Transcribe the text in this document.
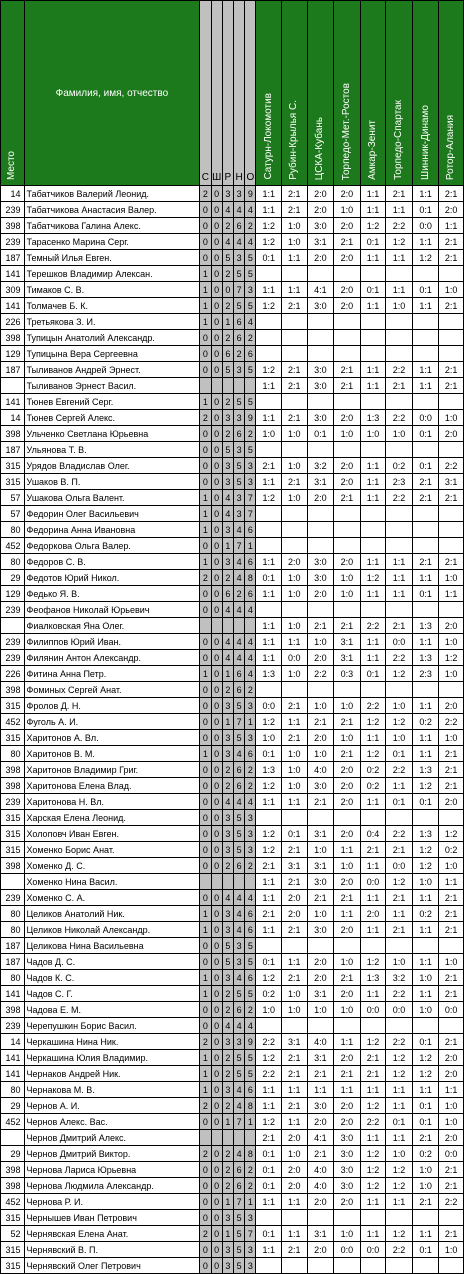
Место	Фамилия, имя, отчество	С	Ш	Р	Н	О	Сатурн-Локомотив	Рубин-Крылья С.	ЦСКА-Кубань	Торпедо-Мет.-Ростов	Амкар-Зенит	Торпедо-Спартак	Шинник-Динамо	Ротор-Алания
14	Табатчиков Валерий Леонид.	2	0	3	3	9	1:1	2:1	2:0	2:0	1:1	2:1	1:1	2:1
239	Табатчикова Анастасия Валер.	0	0	4	4	4	1:1	2:1	2:0	1:0	1:1	1:1	0:1	2:0
398	Табатчикова Галина Алекс.	0	0	2	6	2	1:2	1:0	3:0	2:0	1:2	2:2	0:0	1:1
239	Тарасенко Марина Серг.	0	0	4	4	4	1:2	1:0	3:1	2:1	0:1	1:2	1:1	2:1
187	Темный Илья Евген.	0	0	5	3	5	0:1	1:1	2:0	2:0	1:1	1:1	1:2	2:1
141	Терешков Владимир Алексан.	1	0	2	5	5								
309	Тимаков С. В.	1	0	0	7	3	1:1	1:1	4:1	2:0	0:1	1:1	0:1	1:0
141	Толмачев Б. К.	1	0	2	5	5	1:2	2:1	3:0	2:0	1:1	1:0	1:1	2:1
226	Третьякова З. И.	1	0	1	6	4								
398	Тупицын Анатолий Александр.	0	0	2	6	2								
129	Тупицына Вера Сергеевна	0	0	6	2	6								
187	Тыливанов Андрей Эрнест.	0	0	5	3	5	1:2	2:1	3:0	2:1	1:1	2:2	1:1	2:1
	Тыливанов Эрнест Васил.						1:1	2:1	3:0	2:1	1:1	2:1	1:1	2:1
141	Тюнев Евгений Серг.	1	0	2	5	5								
14	Тюнев Сергей Алекс.	2	0	3	3	9	1:1	2:1	3:0	2:0	1:3	2:2	0:0	1:0
398	Ульченко Светлана Юрьевна	0	0	2	6	2	1:0	1:0	0:1	1:0	1:0	1:0	0:1	2:0
187	Ульянова Т. В.	0	0	5	3	5								
315	Урядов Владислав Олег.	0	0	3	5	3	2:1	1:0	3:2	2:0	1:1	0:2	0:1	2:2
315	Ушаков В. П.	0	0	3	5	3	1:1	2:1	3:1	2:0	1:1	2:3	2:1	3:1
57	Ушакова Ольга Валент.	1	0	4	3	7	1:2	1:0	2:0	2:1	1:1	2:2	2:1	2:1
57	Федорин Олег Васильевич	1	0	4	3	7								
80	Федорина Анна Ивановна	1	0	3	4	6								
452	Федоркова Ольга Валер.	0	0	1	7	1								
80	Федоров С. В.	1	0	3	4	6	1:1	2:0	3:0	2:0	1:1	1:1	2:1	2:1
29	Федотов Юрий Никол.	2	0	2	4	8	0:1	1:0	3:0	1:0	1:2	1:1	1:1	1:0
129	Федько Я. В.	0	0	6	2	6	1:1	1:0	2:0	1:0	1:1	1:1	0:1	1:1
239	Феофанов Николай Юрьевич	0	0	4	4	4								
	Фиалковская Яна Олег.						1:1	1:0	2:1	2:1	2:2	2:1	1:3	2:0
239	Филиппов Юрий Иван.	0	0	4	4	4	1:1	1:1	1:0	3:1	1:1	0:0	1:1	1:0
239	Филянин Антон Александр.	0	0	4	4	4	1:1	0:0	2:0	3:1	1:1	2:2	1:3	1:2
226	Фитина Анна Петр.	1	0	1	6	4	1:3	1:0	2:2	0:3	0:1	1:2	2:3	1:0
398	Фоминых Сергей Анат.	0	0	2	6	2								
315	Фролов Д. Н.	0	0	3	5	3	0:0	2:1	1:0	1:0	2:2	1:0	1:1	2:0
452	Фуголь А. И.	0	0	1	7	1	1:2	1:1	2:1	2:1	1:2	1:2	0:2	2:2
315	Харитонов А. Вл.	0	0	3	5	3	1:0	2:1	2:0	1:0	1:1	1:0	1:1	1:0
80	Харитонов В. М.	1	0	3	4	6	0:1	1:0	1:0	2:1	1:2	0:1	1:1	2:1
398	Харитонов Владимир Григ.	0	0	2	6	2	1:3	1:0	4:0	2:0	0:2	2:2	1:3	2:1
398	Харитонова Елена Влад.	0	0	2	6	2	1:2	1:0	3:0	2:0	0:2	1:1	1:2	2:1
239	Харитонова Н. Вл.	0	0	4	4	4	1:1	1:1	2:1	2:0	1:1	0:1	0:1	2:0
315	Харская Елена Леонид.	0	0	3	5	3								
315	Холоповч Иван Евген.	0	0	3	5	3	1:2	0:1	3:1	2:0	0:4	2:2	1:3	1:2
315	Хоменко Борис Анат.	0	0	3	5	3	1:2	2:1	1:0	1:1	2:1	2:1	1:2	0:2
398	Хоменко Д. С.	0	0	2	6	2	2:1	3:1	3:1	1:0	1:1	0:0	1:2	1:0
	Хоменко Нина Васил.						1:1	2:1	3:0	2:0	0:0	1:2	1:0	1:1
239	Хоменко С. А.	0	0	4	4	4	1:1	2:0	2:1	2:1	1:1	2:1	1:1	2:1
80	Целиков Анатолий Ник.	1	0	3	4	6	2:1	2:0	1:0	1:1	2:0	1:1	0:2	2:1
80	Целиков Николай Александр.	1	0	3	4	6	1:1	2:1	3:0	2:0	1:1	2:1	1:1	2:1
187	Целикова Нина Васильевна	0	0	5	3	5								
187	Чадов Д. С.	0	0	5	3	5	0:1	1:1	2:0	1:0	1:2	1:0	1:1	1:0
80	Чадов К. С.	1	0	3	4	6	1:2	2:1	2:0	2:1	1:3	3:2	1:0	2:1
141	Чадов С. Г.	1	0	2	5	5	0:2	1:0	3:1	2:0	1:1	2:2	1:1	2:1
398	Чадова Е. М.	0	0	2	6	2	1:0	1:0	1:0	1:0	0:0	0:0	1:0	0:0
239	Черепушкин Борис Васил.	0	0	4	4	4								
14	Черкашина Нина Ник.	2	0	3	3	9	2:2	3:1	4:0	1:1	1:2	2:2	0:1	2:1
141	Черкашина Юлия Владимир.	1	0	2	5	5	1:2	2:1	3:1	2:0	2:1	1:2	1:2	2:0
141	Чернаков Андрей Ник.	1	0	2	5	5	2:2	2:1	2:1	2:1	2:1	1:2	1:2	2:0
80	Чернакова М. В.	1	0	3	4	6	1:1	1:1	1:1	1:1	1:1	1:1	1:1	1:1
29	Чернов А. И.	2	0	2	4	8	1:1	2:1	3:0	2:0	1:2	1:1	0:1	1:0
452	Чернов Алекс. Вас.	0	0	1	7	1	1:2	1:1	2:0	2:0	2:2	0:1	0:1	1:0
	Чернов Дмитрий Алекс.						2:1	2:0	4:1	3:0	1:1	1:1	2:1	2:0
29	Чернов Дмитрий Виктор.	2	0	2	4	8	0:1	1:0	2:1	3:0	1:2	1:0	0:2	0:0
398	Чернова Лариса Юрьевна	0	0	2	6	2	0:1	2:0	4:0	3:0	1:2	1:2	1:0	2:1
398	Чернова Людмила Александр.	0	0	2	6	2	0:1	2:0	4:0	3:0	1:2	1:2	1:0	2:1
452	Чернова Р. И.	0	0	1	7	1	1:1	1:1	2:0	2:0	1:1	1:1	2:1	2:2
315	Чернышев Иван Петрович	0	0	3	5	3								
52	Чернявская Елена Анат.	2	0	1	5	7	0:1	1:1	3:1	1:0	1:1	1:2	1:1	2:1
315	Чернявский В. П.	0	0	3	5	3	1:1	2:1	2:0	0:0	0:0	2:2	0:1	1:0
315	Чернявский Олег Петрович	0	0	3	5	3								
